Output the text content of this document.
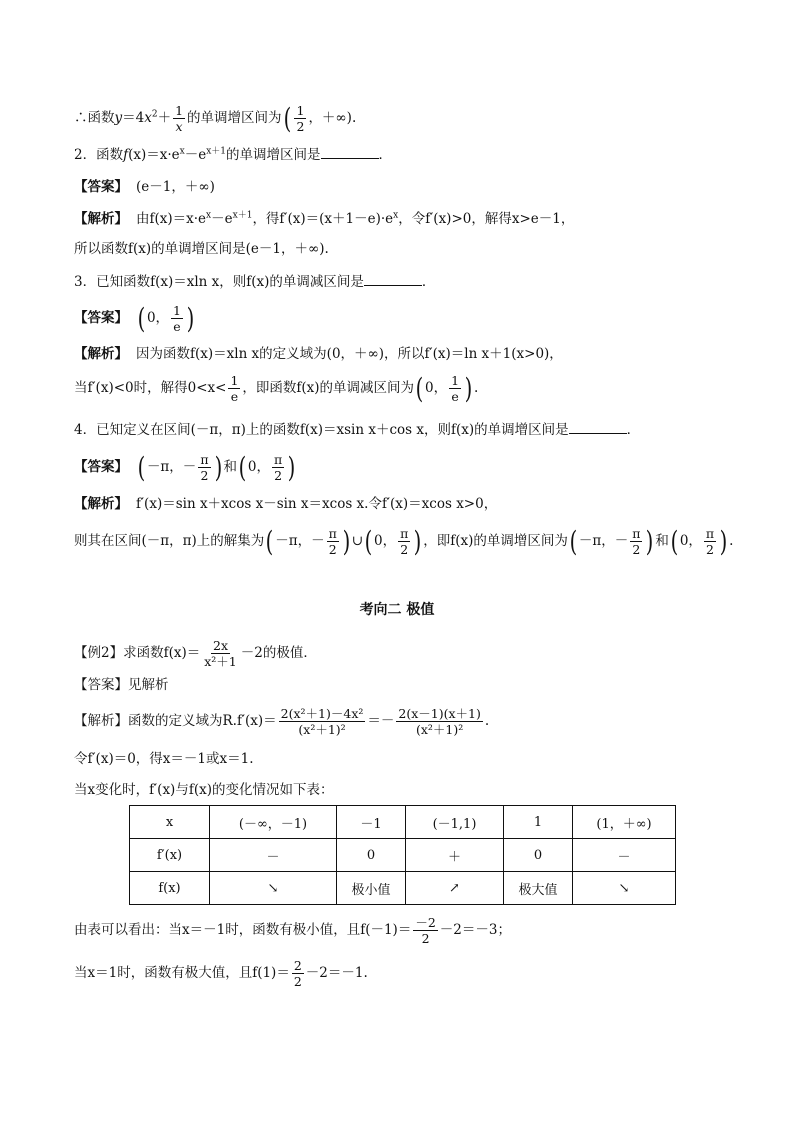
∴函数$y=4x^2+ \frac{1}{x}$ 的单调增区间为( $\frac{1}{2}$ ，＋∞).
2．函数$f(x)=x\cdot e^x-e^{x+1}$的单调增区间是	．
【答案】 (e－1，＋∞)
【解析】 由$f(x)=x\cdot e^x-e^{x+1}$，得$f'(x)=(x+1-e)\cdot e^x$，令f′(x)>0，解得x>e－1，
所以函数f(x)的单调增区间是(e－1，＋∞).
3．已知函数f(x)＝xln x，则f(x)的单调减区间是	．
【答案】 ( 0， $\frac{1}{e}$ )
【解析】 因为函数f(x)＝xln x的定义域为(0，＋∞)，所以f′(x)＝ln x＋1(x>0)，
当f′(x)<0时，解得$0<x< \frac{1}{e}$ ，即函数f(x)的单调减区间为( 0， $\frac{1}{e}$ ) .
4．已知定义在区间(－π，π)上的函数f(x)＝xsin x＋cos x，则f(x)的单调增区间是	．
【答案】 ( －π，－ $\frac{\pi}{2}$ ) 和( 0， $\frac{\pi}{2}$ )
【解析】 f′(x)＝sin x＋xcos x－sin x＝xcos x.令f′(x)＝xcos x>0，
则其在区间(－π，π)上的解集为( －π，－ $\frac{\pi}{2}$ ) ∪( 0， $\frac{\pi}{2}$ ) ，即f(x)的单调增区间为( －π，－ $\frac{\pi}{2}$ ) 和( 0， $\frac{\pi}{2}$ ) .
考向二 极值
【例2】求函数$f(x)= \frac{2x}{\text{x²＋1}} -2$的极值．
【答案】见解析
【解析】函数的定义域为$R.f'(x)= \frac{\text{2(x²＋1)－4x²}}{\text{(x²＋1)²}} =- \frac{2(x-1)(x+1)}{\text{(x²＋1)²}}$ .
令f′(x)＝0，得x＝－1或x＝1.
当x变化时，f′(x)与f(x)的变化情况如下表：
x	(－∞，－1)	－1	(－1,1)	1	(1，＋∞)
f′(x)	－	0	＋	0	－
f(x)	↘	极小值	↗	极大值	↘
由表可以看出：当x＝－1时，函数有极小值，且$f(-1)= \frac{-2}{2} -2=-3$；
当x＝1时，函数有极大值，且$f(1)= \frac{2}{2} -2=-1$.
